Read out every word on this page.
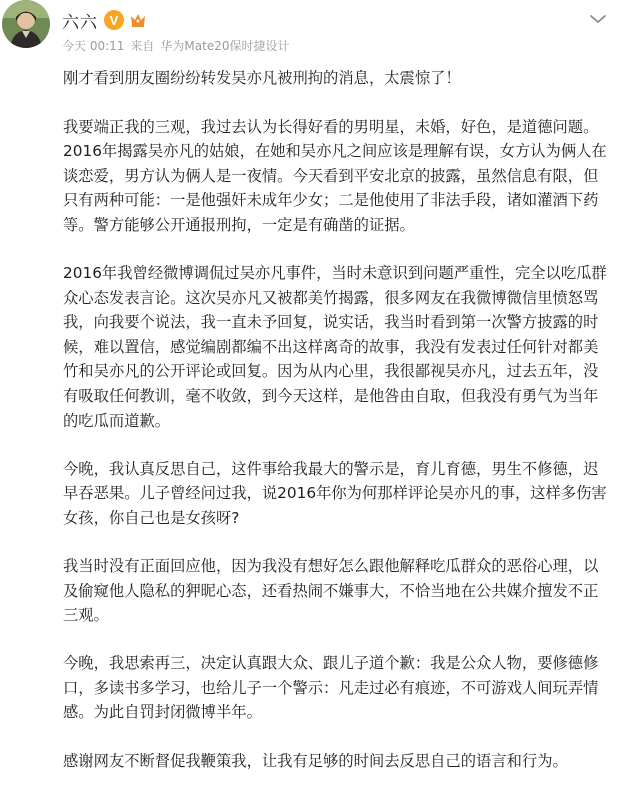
六六 V
今天 00:11 来自 华为Mate20保时捷设计

刚才看到朋友圈纷纷转发吴亦凡被刑拘的消息，太震惊了！

我要端正我的三观，我过去认为长得好看的男明星，未婚，好色，是道德问题。2016年揭露吴亦凡的姑娘，在她和吴亦凡之间应该是理解有误，女方认为俩人在谈恋爱，男方认为俩人是一夜情。今天看到平安北京的披露，虽然信息有限，但只有两种可能：一是他强奸未成年少女；二是他使用了非法手段，诸如灌酒下药等。警方能够公开通报刑拘，一定是有确凿的证据。

2016年我曾经微博调侃过吴亦凡事件，当时未意识到问题严重性，完全以吃瓜群众心态发表言论。这次吴亦凡又被都美竹揭露，很多网友在我微博微信里愤怒骂我，向我要个说法，我一直未予回复，说实话，我当时看到第一次警方披露的时候，难以置信，感觉编剧都编不出这样离奇的故事，我没有发表过任何针对都美竹和吴亦凡的公开评论或回复。因为从内心里，我很鄙视吴亦凡，过去五年，没有吸取任何教训，毫不收敛，到今天这样，是他咎由自取，但我没有勇气为当年的吃瓜而道歉。

今晚，我认真反思自己，这件事给我最大的警示是，育儿育德，男生不修德，迟早吞恶果。儿子曾经问过我，说2016年你为何那样评论吴亦凡的事，这样多伤害女孩，你自己也是女孩呀?

我当时没有正面回应他，因为我没有想好怎么跟他解释吃瓜群众的恶俗心理，以及偷窥他人隐私的狎昵心态，还看热闹不嫌事大，不恰当地在公共媒介擅发不正三观。

今晚，我思索再三，决定认真跟大众、跟儿子道个歉：我是公众人物，要修德修口，多读书多学习，也给儿子一个警示：凡走过必有痕迹，不可游戏人间玩弄情感。为此自罚封闭微博半年。

感谢网友不断督促我鞭策我，让我有足够的时间去反思自己的语言和行为。
